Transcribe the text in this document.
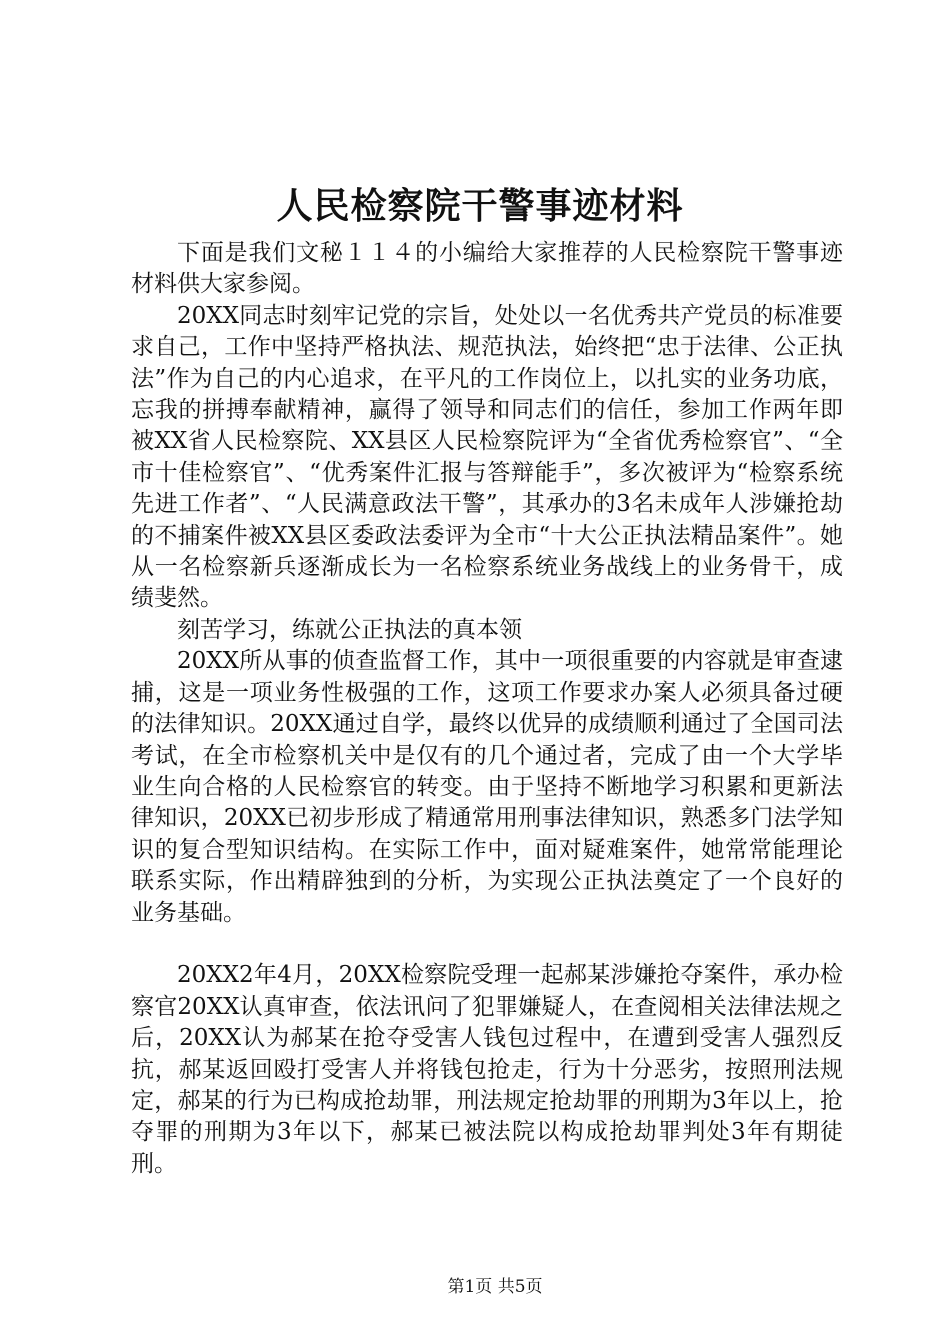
人民检察院干警事迹材料

下面是我们文秘１１４的小编给大家推荐的人民检察院干警事迹材料供大家参阅。

20XX同志时刻牢记党的宗旨，处处以一名优秀共产党员的标准要求自己，工作中坚持严格执法、规范执法，始终把“忠于法律、公正执法”作为自己的内心追求，在平凡的工作岗位上，以扎实的业务功底，忘我的拼搏奉献精神，赢得了领导和同志们的信任，参加工作两年即被XX省人民检察院、XX县区人民检察院评为“全省优秀检察官”、“全市十佳检察官”、“优秀案件汇报与答辩能手”，多次被评为“检察系统先进工作者”、“人民满意政法干警”，其承办的3名未成年人涉嫌抢劫的不捕案件被XX县区委政法委评为全市“十大公正执法精品案件”。她从一名检察新兵逐渐成长为一名检察系统业务战线上的业务骨干，成绩斐然。

刻苦学习，练就公正执法的真本领

20XX所从事的侦查监督工作，其中一项很重要的内容就是审查逮捕，这是一项业务性极强的工作，这项工作要求办案人必须具备过硬的法律知识。20XX通过自学，最终以优异的成绩顺利通过了全国司法考试，在全市检察机关中是仅有的几个通过者，完成了由一个大学毕业生向合格的人民检察官的转变。由于坚持不断地学习积累和更新法律知识，20XX已初步形成了精通常用刑事法律知识，熟悉多门法学知识的复合型知识结构。在实际工作中，面对疑难案件，她常常能理论联系实际，作出精辟独到的分析，为实现公正执法奠定了一个良好的业务基础。

20XX2年4月，20XX检察院受理一起郝某涉嫌抢夺案件，承办检察官20XX认真审查，依法讯问了犯罪嫌疑人，在查阅相关法律法规之后，20XX认为郝某在抢夺受害人钱包过程中，在遭到受害人强烈反抗，郝某返回殴打受害人并将钱包抢走，行为十分恶劣，按照刑法规定，郝某的行为已构成抢劫罪，刑法规定抢劫罪的刑期为3年以上，抢夺罪的刑期为3年以下，郝某已被法院以构成抢劫罪判处3年有期徒刑。

第1页 共5页
